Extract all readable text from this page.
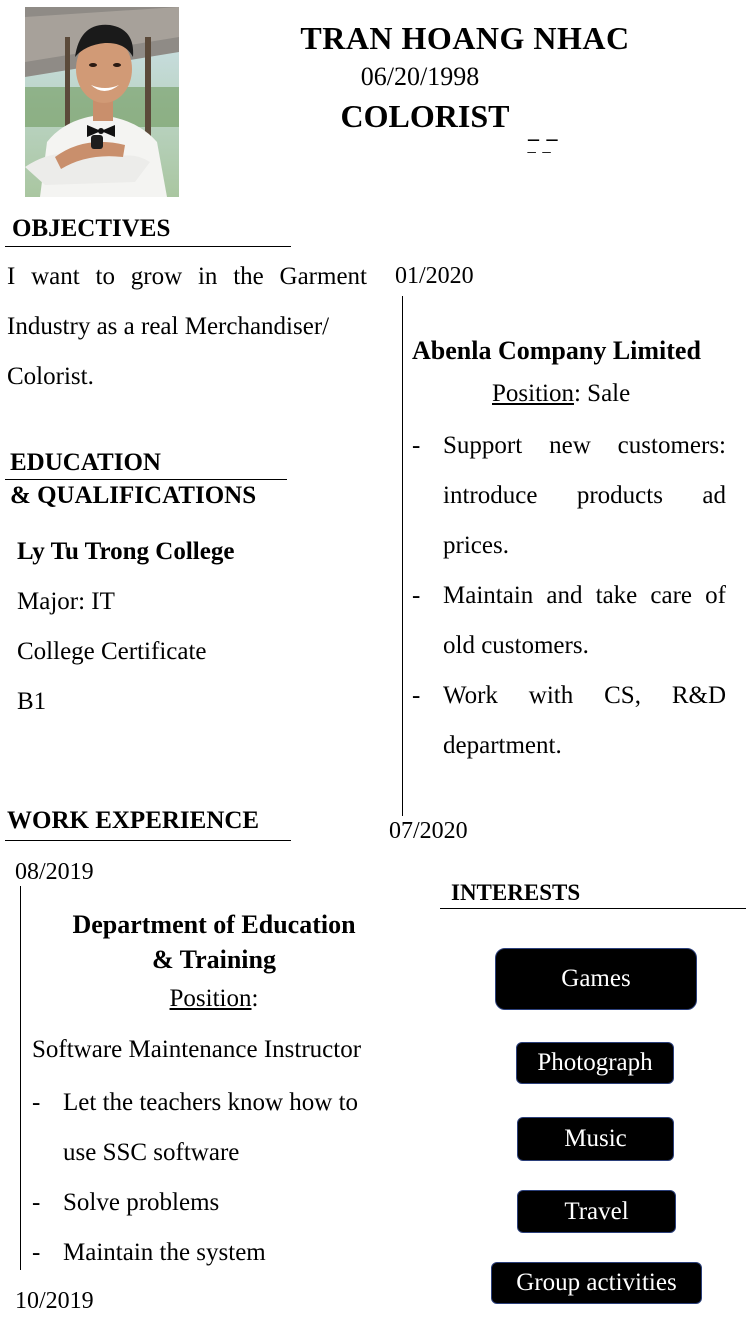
TRAN HOANG NHAC
06/20/1998
COLORIST _ _
‾ ‾
OBJECTIVES
I want to grow in the Garment
Industry as a real Merchandiser/
Colorist.
EDUCATION
& QUALIFICATIONS
Ly Tu Trong College
Major: IT
College Certificate
B1
WORK EXPERIENCE
08/2019
10/2019
Department of Education
& Training
Position:
Software Maintenance Instructor
- Let the teachers know how to
use SSC software
- Solve problems
- Maintain the system
01/2020
07/2020
Abenla Company Limited
Position: Sale
- Support new customers:
introduce products ad
prices.
- Maintain and take care of
old customers.
- Work with CS, R&D
department.
INTERESTS
Games
Photograph
Music
Travel
Group activities
